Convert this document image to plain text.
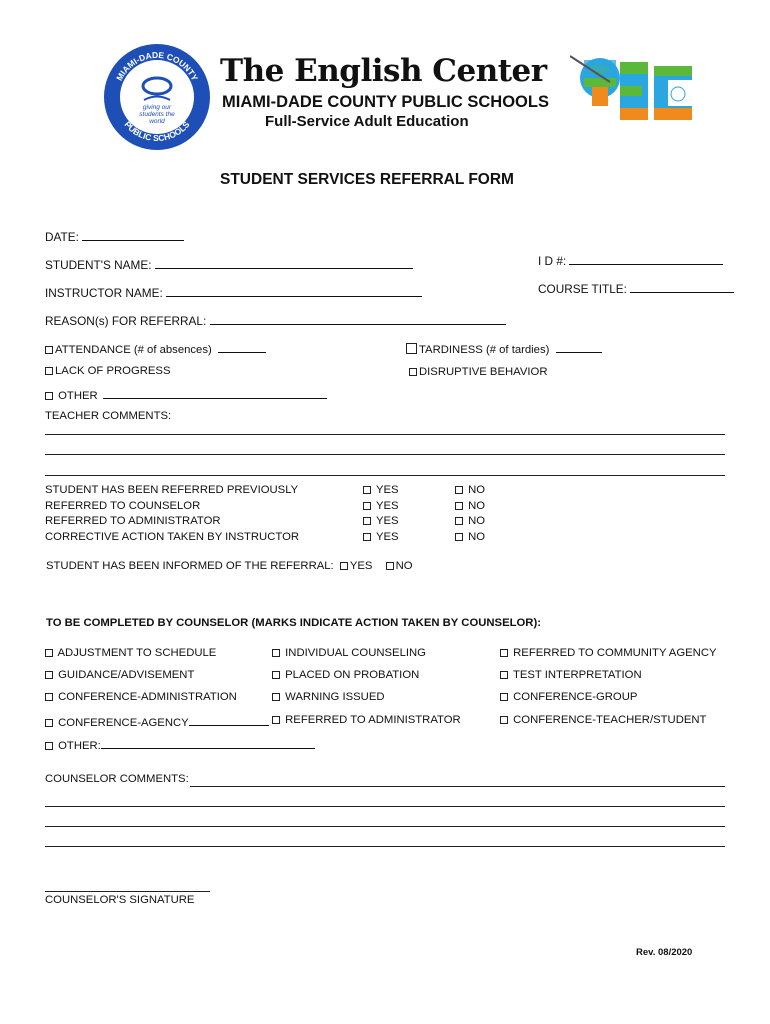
MIAMI-DADE COUNTY
PUBLIC SCHOOLS
giving our students the world
The English Center
MIAMI-DADE COUNTY PUBLIC SCHOOLS
Full-Service Adult Education
STUDENT SERVICES REFERRAL FORM
DATE:
I D #:
STUDENT'S NAME:
COURSE TITLE:
INSTRUCTOR NAME:
REASON(s) FOR REFERRAL:
ATTENDANCE (# of absences)	TARDINESS (# of tardies)
LACK OF PROGRESS	DISRUPTIVE BEHAVIOR
OTHER
TEACHER COMMENTS:
STUDENT HAS BEEN REFERRED PREVIOUSLY
REFERRED TO COUNSELOR
REFERRED TO ADMINISTRATOR
CORRECTIVE ACTION TAKEN BY INSTRUCTOR
YES
YES
YES
YES
NO
NO
NO
NO
STUDENT HAS BEEN INFORMED OF THE REFERRAL: YES NO
TO BE COMPLETED BY COUNSELOR (MARKS INDICATE ACTION TAKEN BY COUNSELOR):
ADJUSTMENT TO SCHEDULE
GUIDANCE/ADVISEMENT
CONFERENCE-ADMINISTRATION
CONFERENCE-AGENCY
INDIVIDUAL COUNSELING
PLACED ON PROBATION
WARNING ISSUED
REFERRED TO ADMINISTRATOR
REFERRED TO COMMUNITY AGENCY
TEST INTERPRETATION
CONFERENCE-GROUP
CONFERENCE-TEACHER/STUDENT
OTHER:
COUNSELOR COMMENTS:
COUNSELOR'S SIGNATURE
Rev. 08/2020
